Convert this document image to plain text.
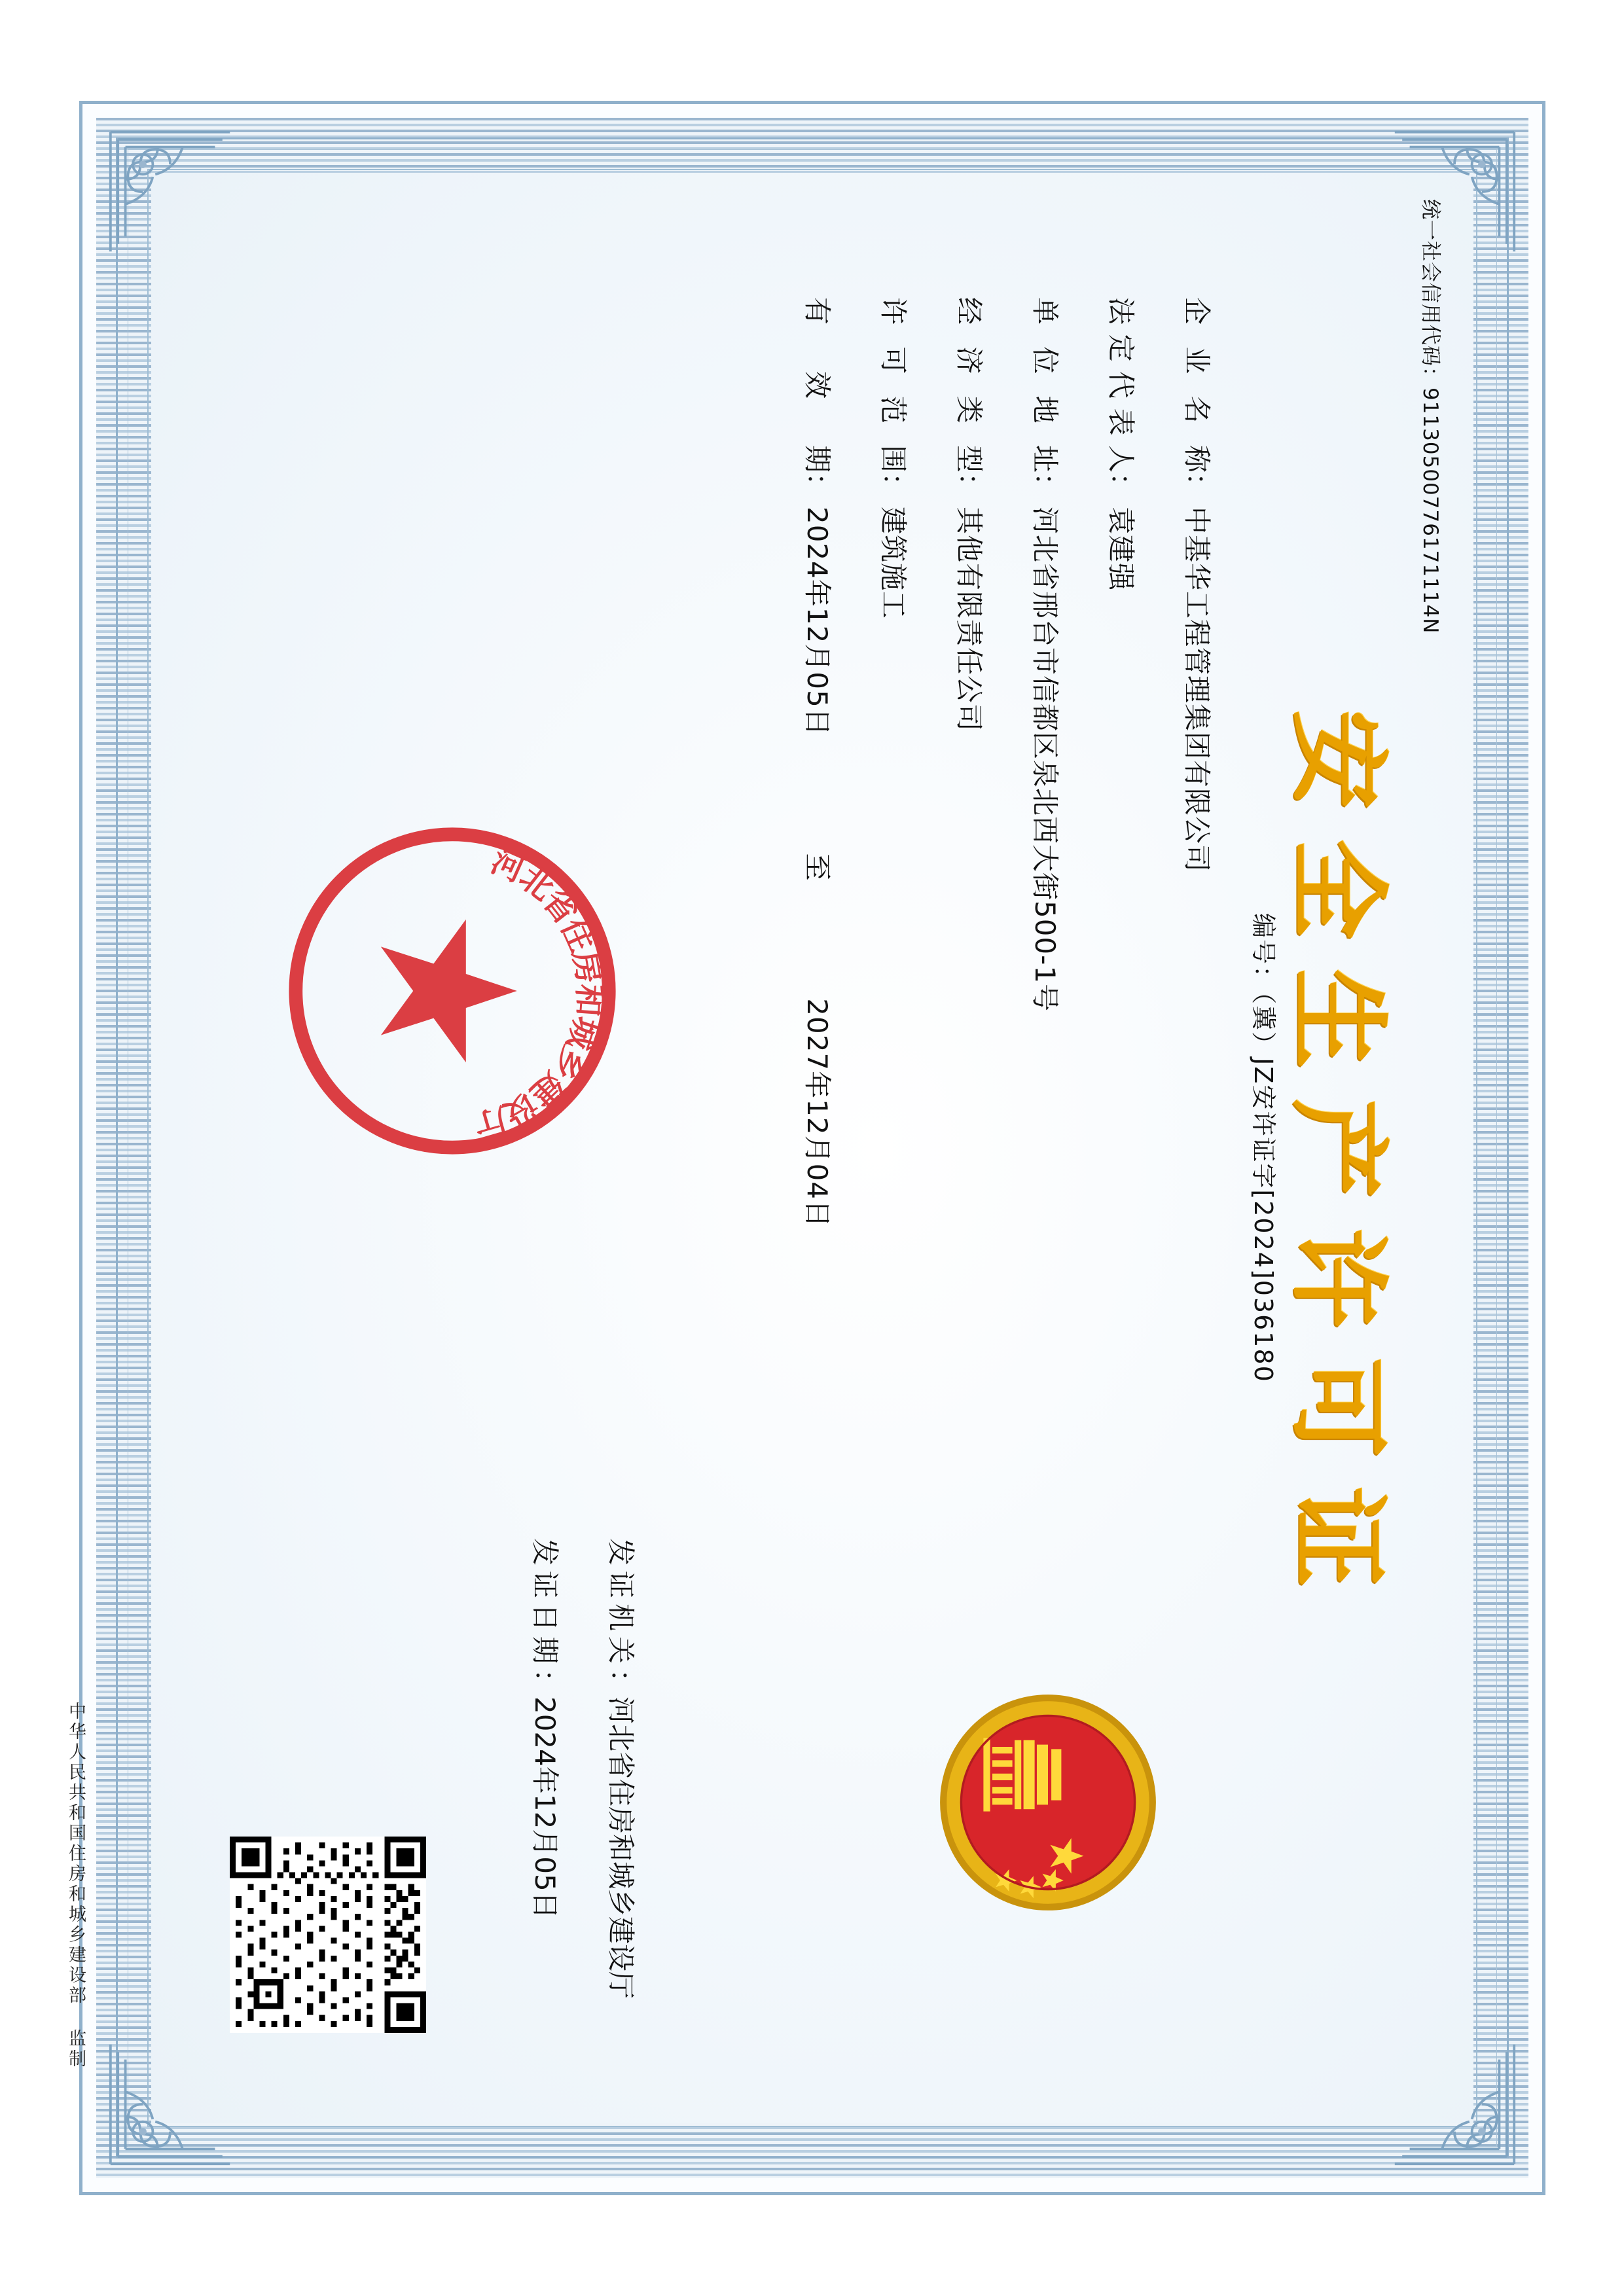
统一社会信用代码：91130500776171114N
安全生产许可证
编号：（冀）JZ安许证字[2024]036180
企
业
名
称
：
中基华工程管理集团有限公司
法
定
代
表
人
：
袁建强
单
位
地
址
：
河北省邢台市信都区泉北西大街500-1号
经
济
类
型
：
其他有限责任公司
许
可
范
围
：
建筑施工
有
效
期
：
2024年12月05日  至  2027年12月04日
发证机关：河北省住房和城乡建设厅
发证日期：2024年12月05日
河
北
省
住
房
和
城
乡
建
设
厅
中华人民共和国住房和城乡建设部 监制
